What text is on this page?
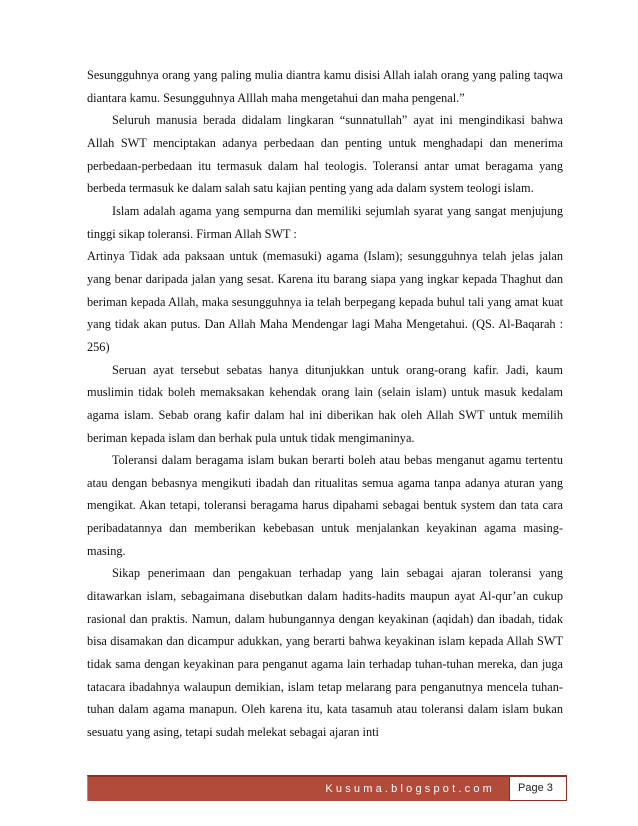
Sesungguhnya orang yang paling mulia diantra kamu disisi Allah ialah orang yang paling taqwa diantara kamu. Sesungguhnya Alllah maha mengetahui dan maha pengenal.”

Seluruh manusia berada didalam lingkaran “sunnatullah” ayat ini mengindikasi bahwa Allah SWT menciptakan adanya perbedaan dan penting untuk menghadapi dan menerima perbedaan-perbedaan itu termasuk dalam hal teologis. Toleransi antar umat beragama yang berbeda termasuk ke dalam salah satu kajian penting yang ada dalam system teologi islam.

Islam adalah agama yang sempurna dan memiliki sejumlah syarat yang sangat menjujung tinggi sikap toleransi. Firman Allah SWT :

Artinya Tidak ada paksaan untuk (memasuki) agama (Islam); sesungguhnya telah jelas jalan yang benar daripada jalan yang sesat. Karena itu barang siapa yang ingkar kepada Thaghut dan beriman kepada Allah, maka sesungguhnya ia telah berpegang kepada buhul tali yang amat kuat yang tidak akan putus. Dan Allah Maha Mendengar lagi Maha Mengetahui. (QS. Al-Baqarah : 256)

Seruan ayat tersebut sebatas hanya ditunjukkan untuk orang-orang kafir. Jadi, kaum muslimin tidak boleh memaksakan kehendak orang lain (selain islam) untuk masuk kedalam agama islam. Sebab orang kafir dalam hal ini diberikan hak oleh Allah SWT untuk memilih beriman kepada islam dan berhak pula untuk tidak mengimaninya.

Toleransi dalam beragama islam bukan berarti boleh atau bebas menganut agamu tertentu atau dengan bebasnya mengikuti ibadah dan ritualitas semua agama tanpa adanya aturan yang mengikat. Akan tetapi, toleransi beragama harus dipahami sebagai bentuk system dan tata cara peribadatannya dan memberikan kebebasan untuk menjalankan keyakinan agama masing-masing.

Sikap penerimaan dan pengakuan terhadap yang lain sebagai ajaran toleransi yang ditawarkan islam, sebagaimana disebutkan dalam hadits-hadits maupun ayat Al-qur’an cukup rasional dan praktis. Namun, dalam hubungannya dengan keyakinan (aqidah) dan ibadah, tidak bisa disamakan dan dicampur adukkan, yang berarti bahwa keyakinan islam kepada Allah SWT tidak sama dengan keyakinan para penganut agama lain terhadap tuhan-tuhan mereka, dan juga tatacara ibadahnya walaupun demikian, islam tetap melarang para penganutnya mencela tuhan-tuhan dalam agama manapun. Oleh karena itu, kata tasamuh atau toleransi dalam islam bukan sesuatu yang asing, tetapi sudah melekat sebagai ajaran inti

Kusuma.blogspot.com Page 3
